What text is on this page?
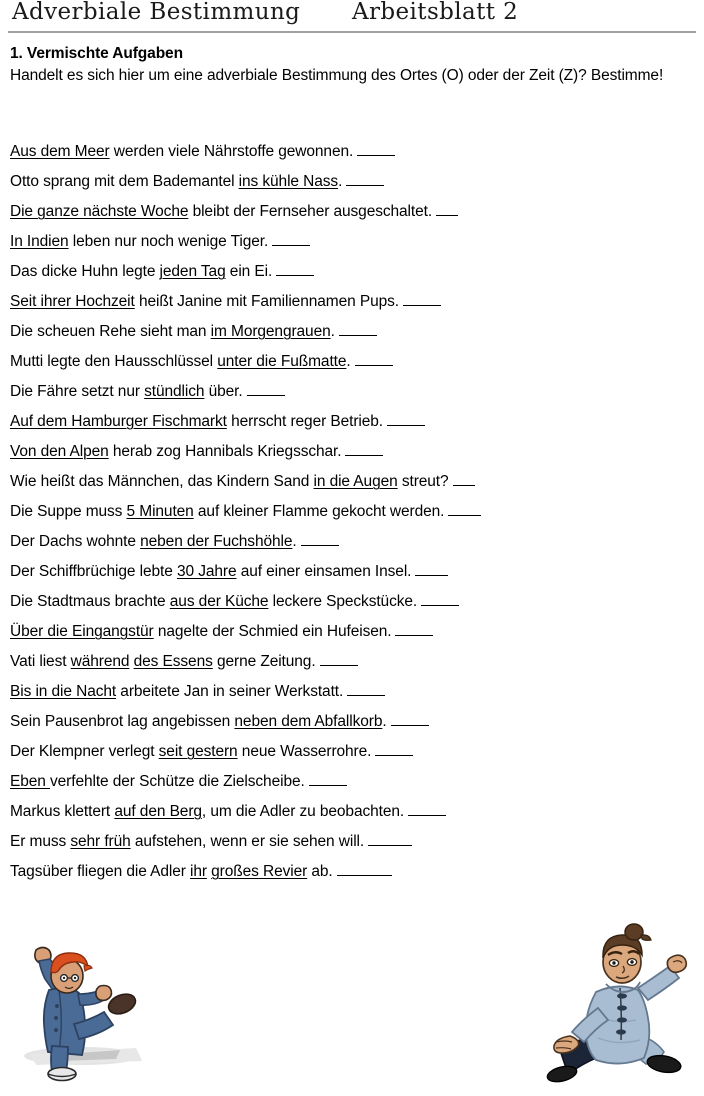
Adverbiale Bestimmung Arbeitsblatt 2
1. Vermischte Aufgaben
Handelt es sich hier um eine adverbiale Bestimmung des Ortes (O) oder der Zeit (Z)? Bestimme!
Aus dem Meer werden viele Nährstoffe gewonnen.
Otto sprang mit dem Bademantel ins kühle Nass.
Die ganze nächste Woche bleibt der Fernseher ausgeschaltet.
In Indien leben nur noch wenige Tiger.
Das dicke Huhn legte jeden Tag ein Ei.
Seit ihrer Hochzeit heißt Janine mit Familiennamen Pups.
Die scheuen Rehe sieht man im Morgengrauen.
Mutti legte den Hausschlüssel unter die Fußmatte.
Die Fähre setzt nur stündlich über.
Auf dem Hamburger Fischmarkt herrscht reger Betrieb.
Von den Alpen herab zog Hannibals Kriegsschar.
Wie heißt das Männchen, das Kindern Sand in die Augen streut?
Die Suppe muss 5 Minuten auf kleiner Flamme gekocht werden.
Der Dachs wohnte neben der Fuchshöhle.
Der Schiffbrüchige lebte 30 Jahre auf einer einsamen Insel.
Die Stadtmaus brachte aus der Küche leckere Speckstücke.
Über die Eingangstür nagelte der Schmied ein Hufeisen.
Vati liest während des Essens gerne Zeitung.
Bis in die Nacht arbeitete Jan in seiner Werkstatt.
Sein Pausenbrot lag angebissen neben dem Abfallkorb.
Der Klempner verlegt seit gestern neue Wasserrohre.
Eben verfehlte der Schütze die Zielscheibe.
Markus klettert auf den Berg, um die Adler zu beobachten.
Er muss sehr früh aufstehen, wenn er sie sehen will.
Tagsüber fliegen die Adler ihr großes Revier ab.
